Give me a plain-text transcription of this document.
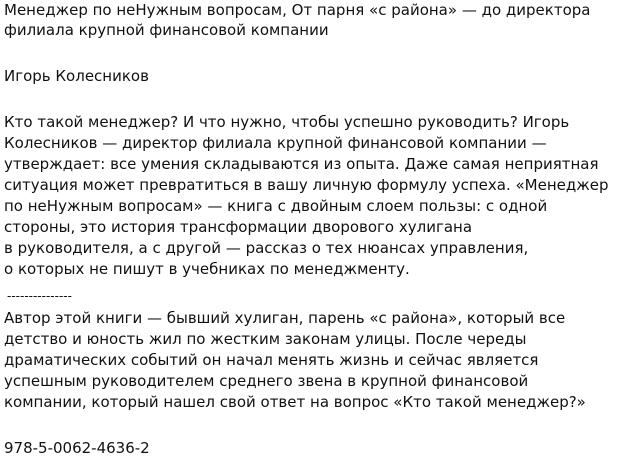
Менеджер по неНужным вопросам, От парня «с района» — до директора
филиала крупной финансовой компании
Игорь Колесников
Кто такой менеджер? И что нужно, чтобы успешно руководить? Игорь
Колесников — директор филиала крупной финансовой компании —
утверждает: все умения складываются из опыта. Даже самая неприятная
ситуация может превратиться в вашу личную формулу успеха. «Менеджер
по неНужным вопросам» — книга с двойным слоем пользы: с одной
стороны, это история трансформации дворового хулигана
в руководителя, а с другой — рассказ о тех нюансах управления,
о которых не пишут в учебниках по менеджменту.
---------------
Автор этой книги — бывший хулиган, парень «с района», который все
детство и юность жил по жестким законам улицы. После череды
драматических событий он начал менять жизнь и сейчас является
успешным руководителем среднего звена в крупной финансовой
компании, который нашел свой ответ на вопрос «Кто такой менеджер?»
978-5-0062-4636-2
